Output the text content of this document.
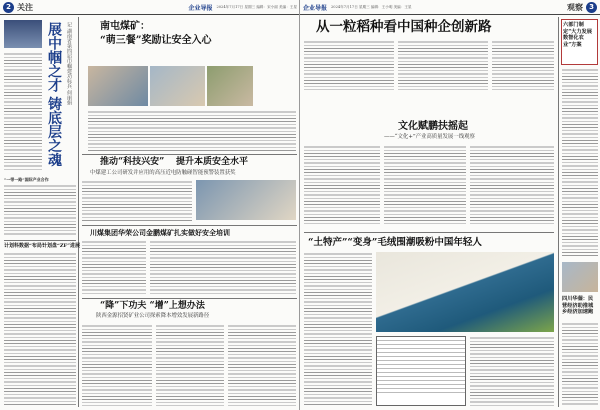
2 关注	企业导报 2024年7月17日 星期三 编辑：宋小丽 美编：王星
展中帼之才 铸底层之魂 记 湖南省第四届巾帼建功标兵 何丽娟
“一带一路”国际产业合作
计划科数据“布局”
计划盘“ZF”进展
南屯煤矿：
“萌三餐”奖励让安全入心
推动“科技兴安” 提升本质安全水平
中煤建工公司研发并应用的高压近电防触碰智能预警装置获奖
川煤集团华荣公司金鹏煤矿扎实做好安全培训
“降”下功夫 “增”上想办法
陕西金源招贤矿业公司探索降本增效发展新路径
企业导报 2024年7月17日 星期三 编辑：王小明 美编：王星	观察 3
从一粒稻种看中国种企创新路
文化赋鹏扶摇起
——“文化+”产业高质量发展一线观察
“土特产”“变身”毛绒围潮吸粉中国年轻人
六部门制定“大力发展数智化农业”方案
四川华蓥：民营经济助推城乡经济加速跑
